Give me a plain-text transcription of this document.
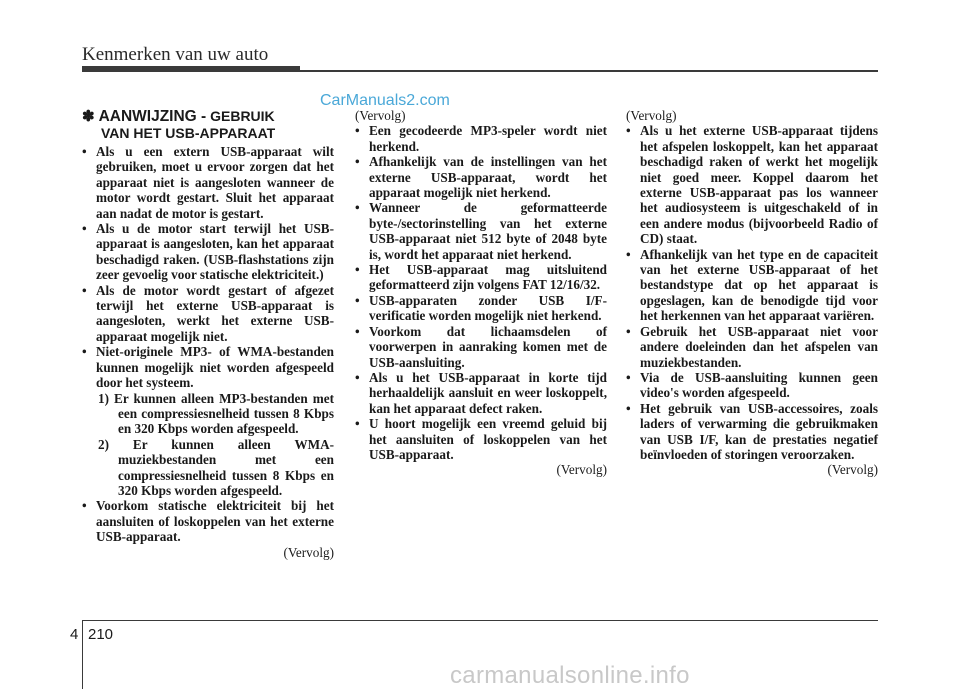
Kenmerken van uw auto
CarManuals2.com
✽ AANWIJZING - GEBRUIK
VAN HET USB-APPARAAT
• Als u een extern USB-apparaat wilt gebruiken, moet u ervoor zorgen dat het apparaat niet is aangesloten wanneer de motor wordt gestart. Sluit het apparaat aan nadat de motor is gestart.
• Als u de motor start terwijl het USB-apparaat is aangesloten, kan het apparaat beschadigd raken. (USB-flashstations zijn zeer gevoelig voor statische elektriciteit.)
• Als de motor wordt gestart of afgezet terwijl het externe USB-apparaat is aangesloten, werkt het externe USB-apparaat mogelijk niet.
• Niet-originele MP3- of WMA-bestanden kunnen mogelijk niet worden afgespeeld door het systeem.
1) Er kunnen alleen MP3-bestanden met een compressiesnelheid tussen 8 Kbps en 320 Kbps worden afgespeeld.
2) Er kunnen alleen WMA-muziekbestanden met een compressiesnelheid tussen 8 Kbps en 320 Kbps worden afgespeeld.
• Voorkom statische elektriciteit bij het aansluiten of loskoppelen van het externe USB-apparaat.
(Vervolg)
(Vervolg)
• Een gecodeerde MP3-speler wordt niet herkend.
• Afhankelijk van de instellingen van het externe USB-apparaat, wordt het apparaat mogelijk niet herkend.
• Wanneer de geformatteerde byte-/sectorinstelling van het externe USB-apparaat niet 512 byte of 2048 byte is, wordt het apparaat niet herkend.
• Het USB-apparaat mag uitsluitend geformatteerd zijn volgens FAT 12/16/32.
• USB-apparaten zonder USB I/F-verificatie worden mogelijk niet herkend.
• Voorkom dat lichaamsdelen of voorwerpen in aanraking komen met de USB-aansluiting.
• Als u het USB-apparaat in korte tijd herhaaldelijk aansluit en weer loskoppelt, kan het apparaat defect raken.
• U hoort mogelijk een vreemd geluid bij het aansluiten of loskoppelen van het USB-apparaat.
(Vervolg)
(Vervolg)
• Als u het externe USB-apparaat tijdens het afspelen loskoppelt, kan het apparaat beschadigd raken of werkt het mogelijk niet goed meer. Koppel daarom het externe USB-apparaat pas los wanneer het audiosysteem is uitgeschakeld of in een andere modus (bijvoorbeeld Radio of CD) staat.
• Afhankelijk van het type en de capaciteit van het externe USB-apparaat of het bestandstype dat op het apparaat is opgeslagen, kan de benodigde tijd voor het herkennen van het apparaat variëren.
• Gebruik het USB-apparaat niet voor andere doeleinden dan het afspelen van muziekbestanden.
• Via de USB-aansluiting kunnen geen video's worden afgespeeld.
• Het gebruik van USB-accessoires, zoals laders of verwarming die gebruikmaken van USB I/F, kan de prestaties negatief beïnvloeden of storingen veroorzaken.
(Vervolg)
4 210
carmanualsonline.info
